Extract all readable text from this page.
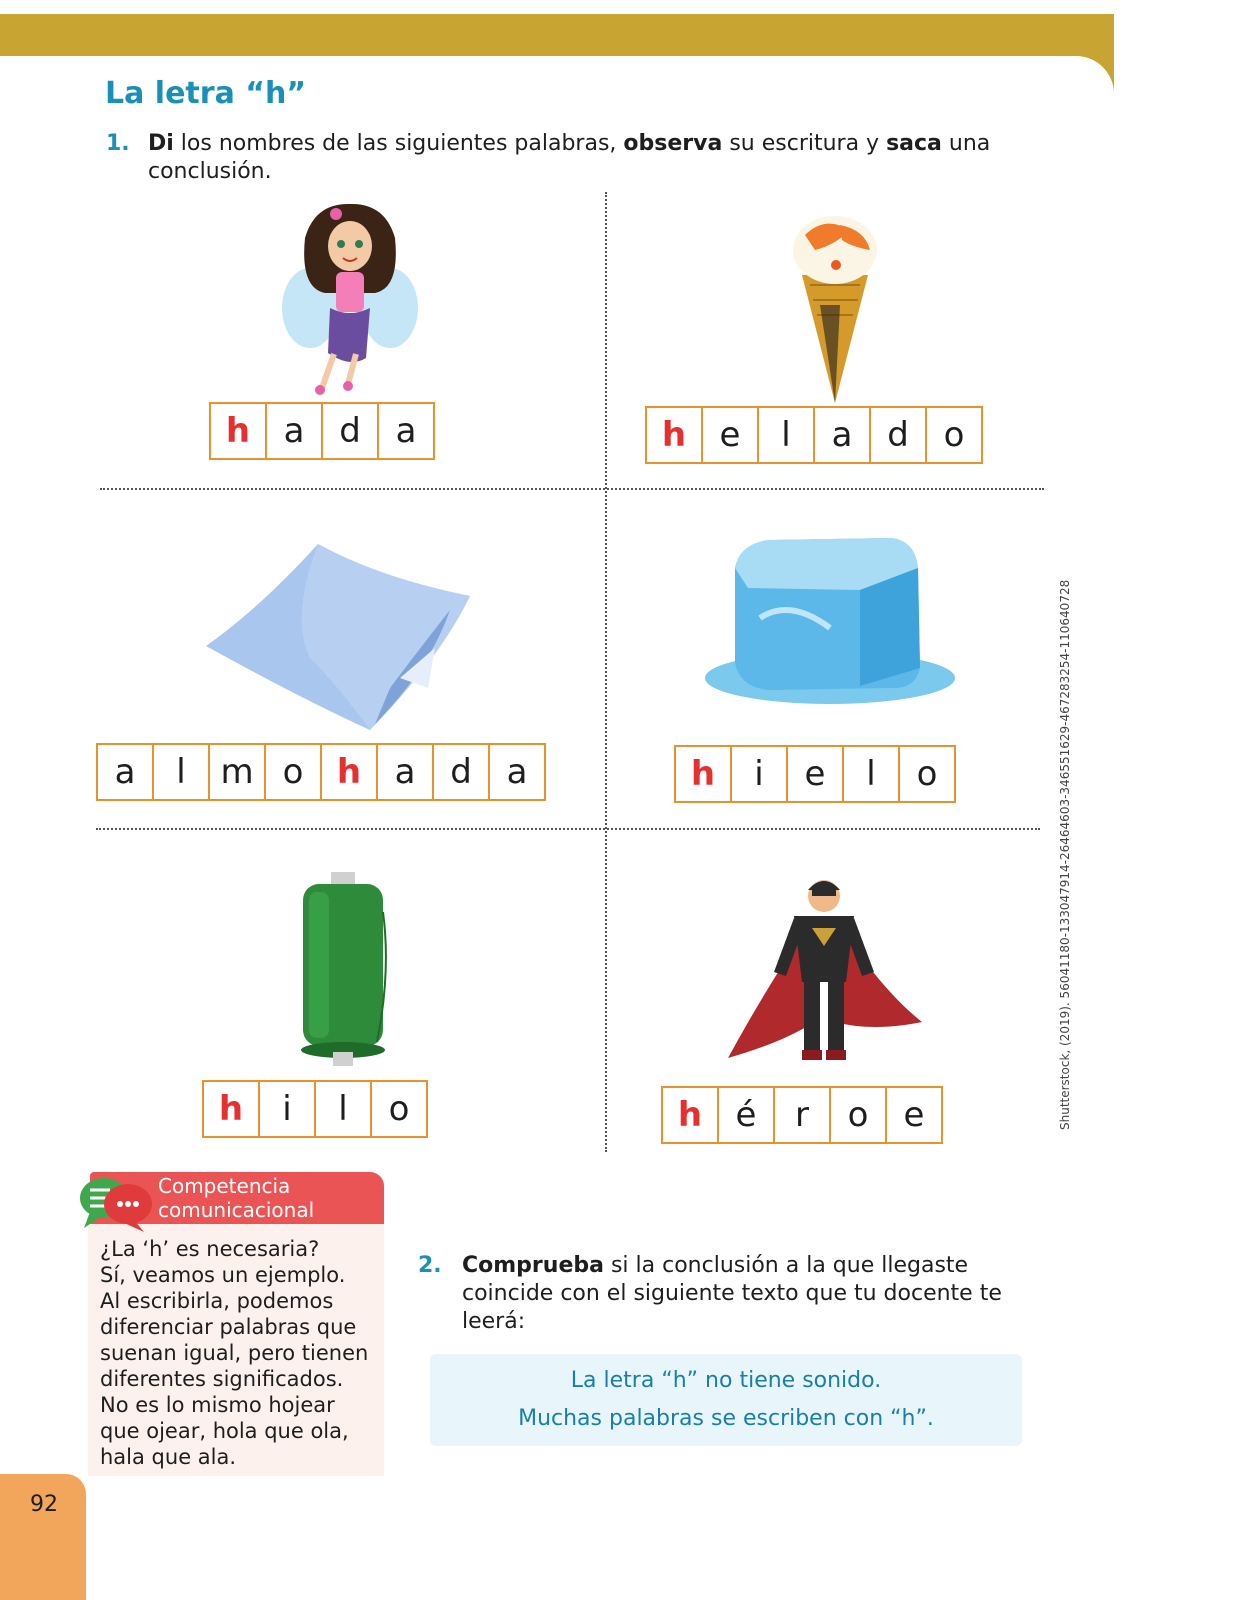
La letra “h”
1. Di los nombres de las siguientes palabras, observa su escritura y saca una conclusión.
h a	d	a	h e	l	a	d	o
a	l	m o h a	d	a	h	i	e	l	o
h	i	l	o	h é	r	o	e	Shutterstock, (2019). 56041180-133047914-26464603-346551629-467283254-110640728
Competencia
comunicacional
¿La ‘h’ es necesaria?
Sí, veamos un ejemplo.
Al escribirla, podemos
diferenciar palabras que
suenan igual, pero tienen
diferentes significados.
No es lo mismo hojear
que ojear, hola que ola,
hala que ala.
2. Comprueba si la conclusión a la que llegaste coincide con el siguiente texto que tu docente te leerá:
La letra “h” no tiene sonido.
Muchas palabras se escriben con “h”.
92
